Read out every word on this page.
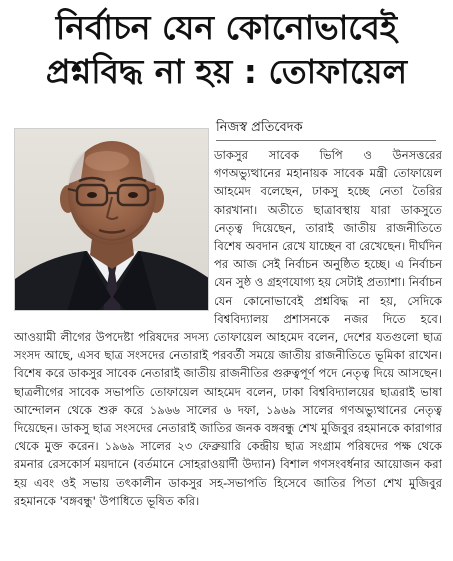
নির্বাচন যেন কোনোভাবেই
প্রশ্নবিদ্ধ না হয় : তোফায়েল
নিজস্ব প্রতিবেদক

ডাকসুর সাবেক ভিপি ও উনসত্তরের গণঅভ্যুত্থানের মহানায়ক সাবেক মন্ত্রী তোফায়েল আহমেদ বলেছেন, ঢাকসু হচ্ছে নেতা তৈরির কারখানা। অতীতে ছাত্রাবস্থায় যারা ডাকসুতে নেতৃত্ব দিয়েছেন, তারাই জাতীয় রাজনীতিতে বিশেষ অবদান রেখে যাচ্ছেন বা রেখেছেন। দীর্ঘদিন পর আজ সেই নির্বাচন অনুষ্ঠিত হচ্ছে। এ নির্বাচন যেন সুষ্ঠ ও গ্রহণযোগ্য হয় সেটাই প্রত্যাশা। নির্বাচন যেন কোনোভাবেই প্রশ্নবিদ্ধ না হয়, সেদিকে বিশ্ববিদ্যালয় প্রশাসনকে নজর দিতে হবে। আওয়ামী লীগের উপদেষ্টা পরিষদের সদস্য তোফায়েল আহমেদ বলেন, দেশের যতগুলো ছাত্র সংসদ আছে, এসব ছাত্র সংসদের নেতারাই পরবর্তী সময়ে জাতীয় রাজনীতিতে ভূমিকা রাখেন। বিশেষ করে ডাকসুর সাবেক নেতারাই জাতীয় রাজনীতির গুরুত্বপূর্ণ পদে নেতৃত্ব দিয়ে আসছেন। ছাত্রলীগের সাবেক সভাপতি তোফায়েল আহমেদ বলেন, ঢাকা বিশ্ববিদ্যালয়ের ছাত্ররাই ভাষা আন্দোলন থেকে শুরু করে ১৯৬৬ সালের ৬ দফা, ১৯৬৯ সালের গণঅভ্যুত্থানের নেতৃত্ব দিয়েছেন। ডাকসু ছাত্র সংসদের নেতারাই জাতির জনক বঙ্গবন্ধু শেখ মুজিবুর রহমানকে কারাগার থেকে মুক্ত করেন। ১৯৬৯ সালের ২৩ ফেব্রুয়ারি কেন্দ্রীয় ছাত্র সংগ্রাম পরিষদের পক্ষ থেকে রমনার রেসকোর্স ময়দানে (বর্তমানে সোহরাওয়ার্দী উদ্যান) বিশাল গণসংবর্ধনার আয়োজন করা হয় এবং ওই সভায় তৎকালীন ডাকসুর সহ-সভাপতি হিসেবে জাতির পিতা শেখ মুজিবুর রহমানকে 'বঙ্গবন্ধু' উপাধিতে ভূষিত করি।
